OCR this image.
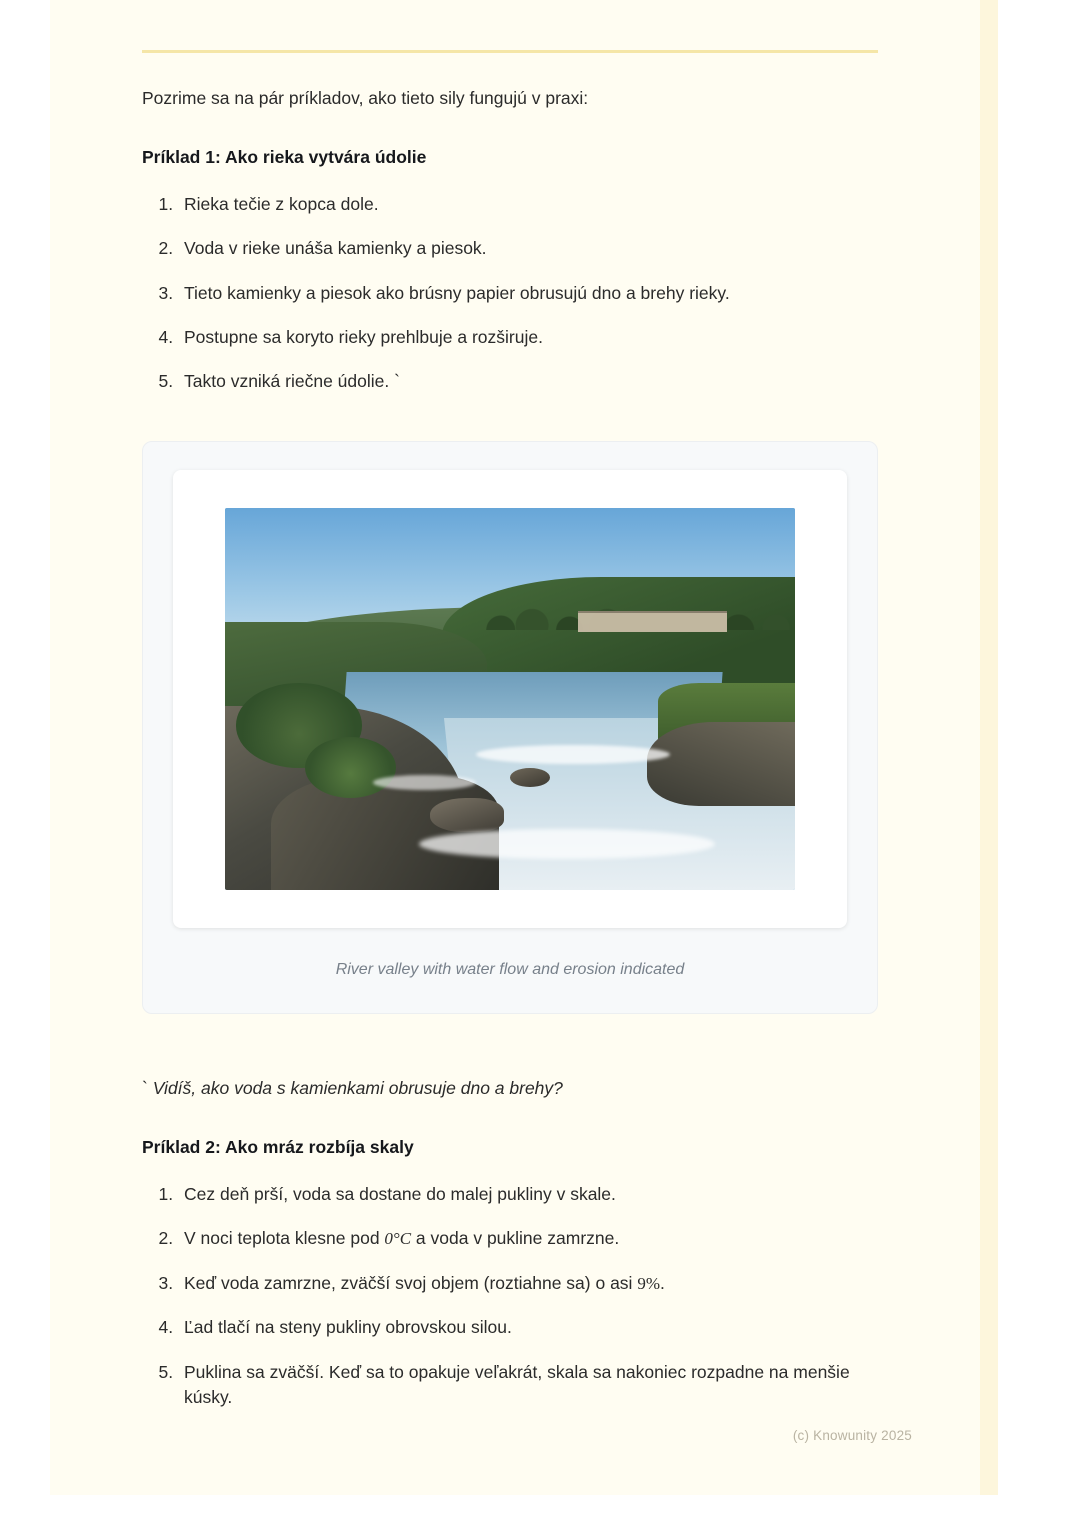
Pozrime sa na pár príkladov, ako tieto sily fungujú v praxi:

Príklad 1: Ako rieka vytvára údolie
1. Rieka tečie z kopca dole.
2. Voda v rieke unáša kamienky a piesok.
3. Tieto kamienky a piesok ako brúsny papier obrusujú dno a brehy rieky.
4. Postupne sa koryto rieky prehlbuje a rozširuje.
5. Takto vzniká riečne údolie. `
River valley with water flow and erosion indicated

` Vidíš, ako voda s kamienkami obrusuje dno a brehy?

Príklad 2: Ako mráz rozbíja skaly
1. Cez deň prší, voda sa dostane do malej pukliny v skale.
2. V noci teplota klesne pod 0°C a voda v pukline zamrzne.
3. Keď voda zamrzne, zväčší svoj objem (roztiahne sa) o asi 9%.
4. Ľad tlačí na steny pukliny obrovskou silou.
5. Puklina sa zväčší. Keď sa to opakuje veľakrát, skala sa nakoniec rozpadne na menšie kúsky.
(c) Knowunity 2025
